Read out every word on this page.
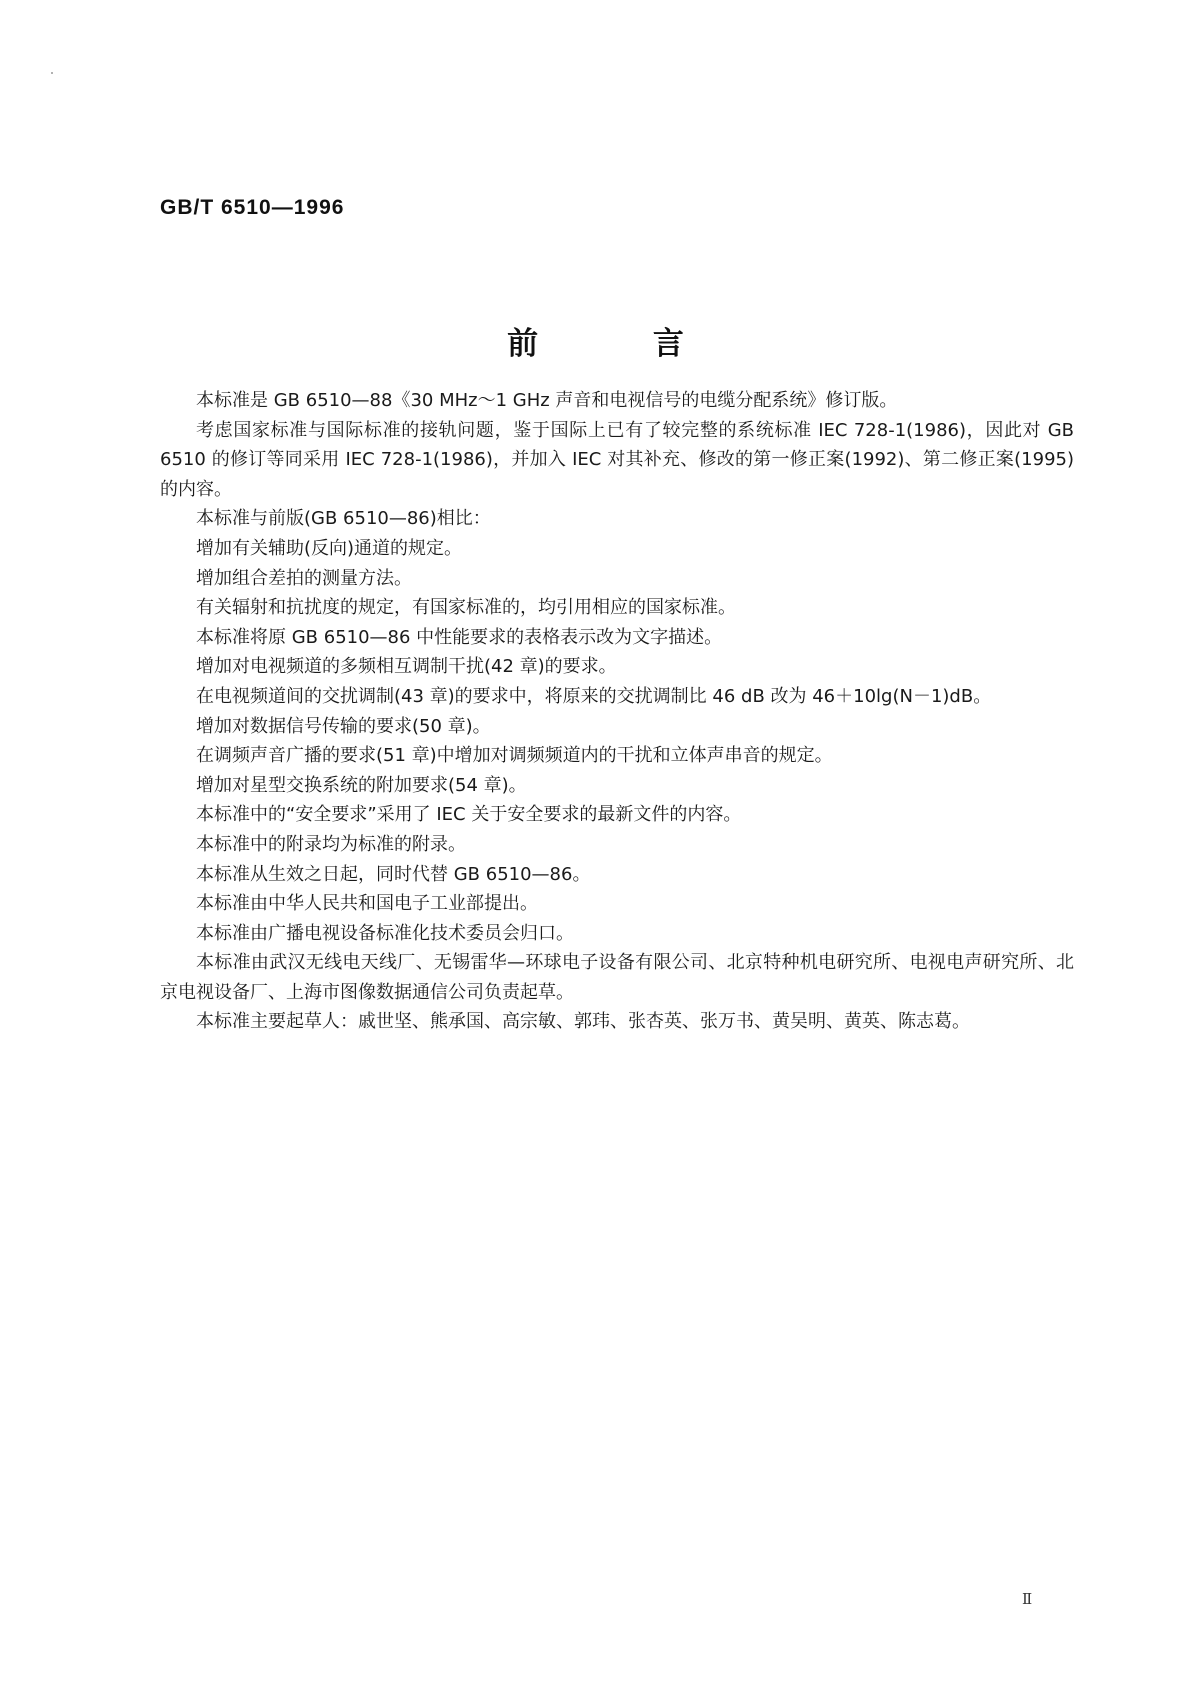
GB/T 6510—1996
前 言

本标准是 GB 6510—88《30 MHz～1 GHz 声音和电视信号的电缆分配系统》修订版。

考虑国家标准与国际标准的接轨问题，鉴于国际上已有了较完整的系统标准 IEC 728-1(1986)，因此对 GB 6510 的修订等同采用 IEC 728-1(1986)，并加入 IEC 对其补充、修改的第一修正案(1992)、第二修正案(1995)的内容。

本标准与前版(GB 6510—86)相比：

增加有关辅助(反向)通道的规定。

增加组合差拍的测量方法。

有关辐射和抗扰度的规定，有国家标准的，均引用相应的国家标准。

本标准将原 GB 6510—86 中性能要求的表格表示改为文字描述。

增加对电视频道的多频相互调制干扰(42 章)的要求。

在电视频道间的交扰调制(43 章)的要求中，将原来的交扰调制比 46 dB 改为 46＋10lg(N－1)dB。

增加对数据信号传输的要求(50 章)。

在调频声音广播的要求(51 章)中增加对调频频道内的干扰和立体声串音的规定。

增加对星型交换系统的附加要求(54 章)。

本标准中的“安全要求”采用了 IEC 关于安全要求的最新文件的内容。

本标准中的附录均为标准的附录。

本标准从生效之日起，同时代替 GB 6510—86。

本标准由中华人民共和国电子工业部提出。

本标准由广播电视设备标准化技术委员会归口。

本标准由武汉无线电天线厂、无锡雷华—环球电子设备有限公司、北京特种机电研究所、电视电声研究所、北京电视设备厂、上海市图像数据通信公司负责起草。

本标准主要起草人：戚世坚、熊承国、高宗敏、郭玮、张杏英、张万书、黄吴明、黄英、陈志葛。

Ⅱ
